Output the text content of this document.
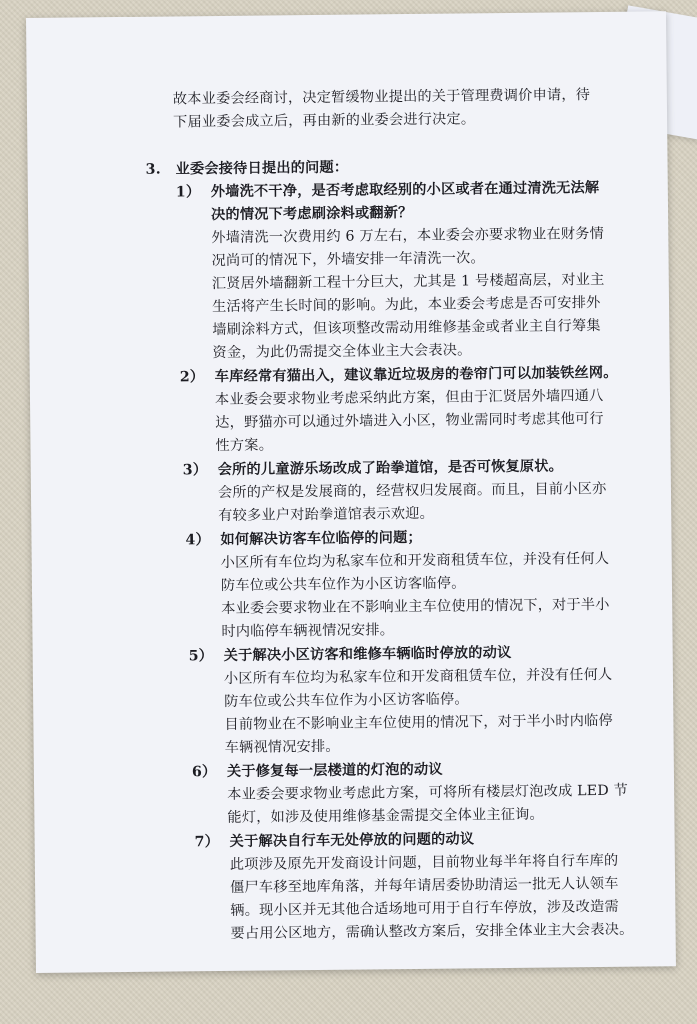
故本业委会经商讨，决定暂缓物业提出的关于管理费调价申请，待
下届业委会成立后，再由新的业委会进行决定。
3. 业委会接待日提出的问题：
1） 外墙洗不干净，是否考虑取经别的小区或者在通过清洗无法解
决的情况下考虑刷涂料或翻新？
外墙清洗一次费用约 6 万左右，本业委会亦要求物业在财务情
况尚可的情况下，外墙安排一年清洗一次。
汇贤居外墙翻新工程十分巨大，尤其是 1 号楼超高层，对业主
生活将产生长时间的影响。为此，本业委会考虑是否可安排外
墙刷涂料方式，但该项整改需动用维修基金或者业主自行筹集
资金，为此仍需提交全体业主大会表决。
2） 车库经常有猫出入，建议靠近垃圾房的卷帘门可以加装铁丝网。
本业委会要求物业考虑采纳此方案，但由于汇贤居外墙四通八
达，野猫亦可以通过外墙进入小区，物业需同时考虑其他可行
性方案。
3） 会所的儿童游乐场改成了跆拳道馆，是否可恢复原状。
会所的产权是发展商的，经营权归发展商。而且，目前小区亦
有较多业户对跆拳道馆表示欢迎。
4） 如何解决访客车位临停的问题；
小区所有车位均为私家车位和开发商租赁车位，并没有任何人
防车位或公共车位作为小区访客临停。
本业委会要求物业在不影响业主车位使用的情况下，对于半小
时内临停车辆视情况安排。
5） 关于解决小区访客和维修车辆临时停放的动议
小区所有车位均为私家车位和开发商租赁车位，并没有任何人
防车位或公共车位作为小区访客临停。
目前物业在不影响业主车位使用的情况下，对于半小时内临停
车辆视情况安排。
6） 关于修复每一层楼道的灯泡的动议
本业委会要求物业考虑此方案，可将所有楼层灯泡改成 LED 节
能灯，如涉及使用维修基金需提交全体业主征询。
7） 关于解决自行车无处停放的问题的动议
此项涉及原先开发商设计问题，目前物业每半年将自行车库的
僵尸车移至地库角落，并每年请居委协助清运一批无人认领车
辆。现小区并无其他合适场地可用于自行车停放，涉及改造需
要占用公区地方，需确认整改方案后，安排全体业主大会表决。
